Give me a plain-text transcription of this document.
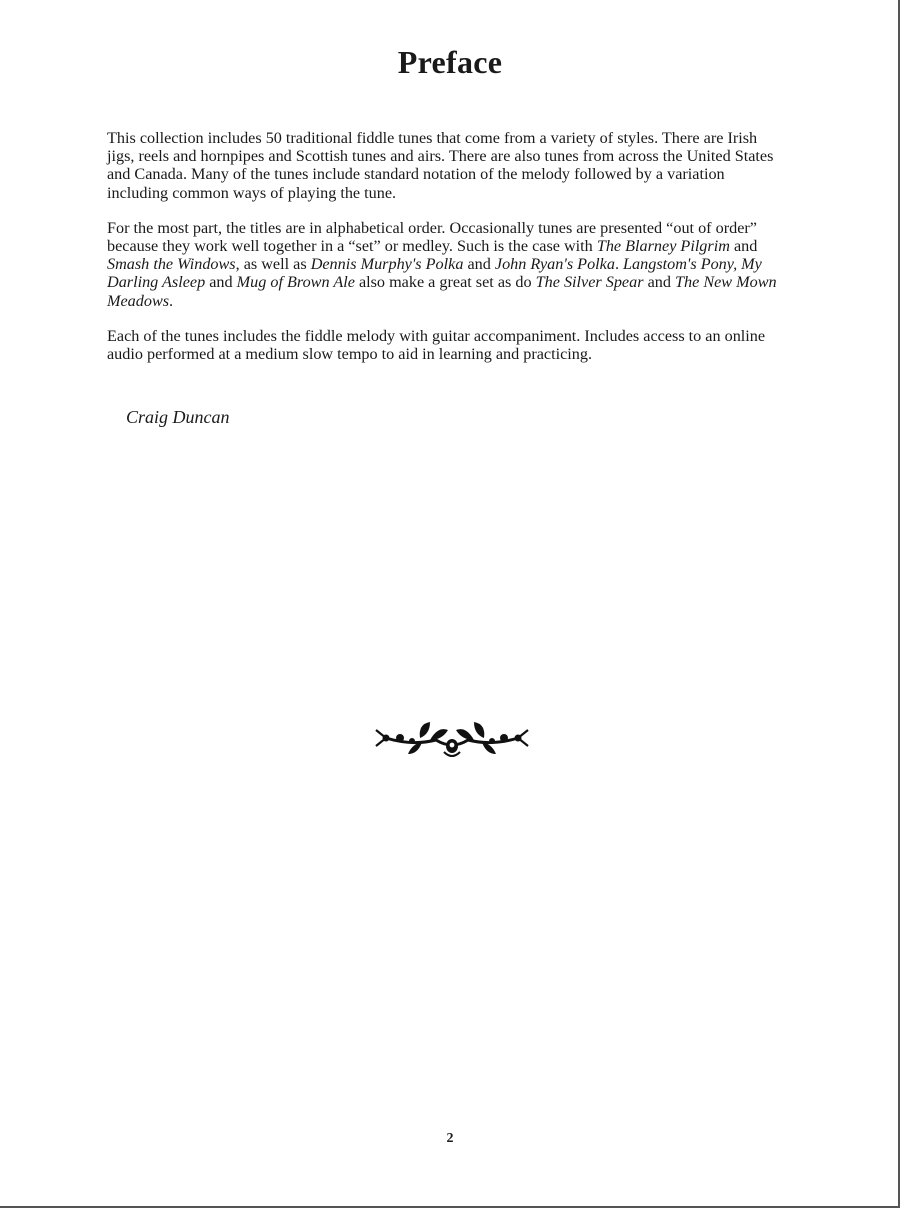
Preface

This collection includes 50 traditional fiddle tunes that come from a variety of styles. There are Irish jigs, reels and hornpipes and Scottish tunes and airs. There are also tunes from across the United States and Canada. Many of the tunes include standard notation of the melody followed by a variation including common ways of playing the tune.

For the most part, the titles are in alphabetical order. Occasionally tunes are presented “out of order” because they work well together in a “set” or medley. Such is the case with The Blarney Pilgrim and Smash the Windows, as well as Dennis Murphy's Polka and John Ryan's Polka. Langstom's Pony, My Darling Asleep and Mug of Brown Ale also make a great set as do The Silver Spear and The New Mown Meadows.

Each of the tunes includes the fiddle melody with guitar accompaniment. Includes access to an online audio performed at a medium slow tempo to aid in learning and practicing.

Craig Duncan

2
